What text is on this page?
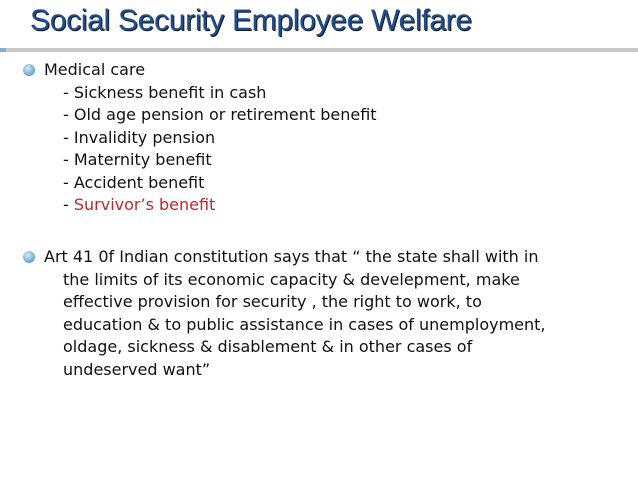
Social Security Employee Welfare
Medical care
- Sickness benefit in cash
- Old age pension or retirement benefit
- Invalidity pension
- Maternity benefit
- Accident benefit
- Survivor’s benefit
Art 41 0f Indian constitution says that “ the state shall with in
the limits of its economic capacity & develepment, make
effective provision for security , the right to work, to
education & to public assistance in cases of unemployment,
oldage, sickness & disablement & in other cases of
undeserved want”
